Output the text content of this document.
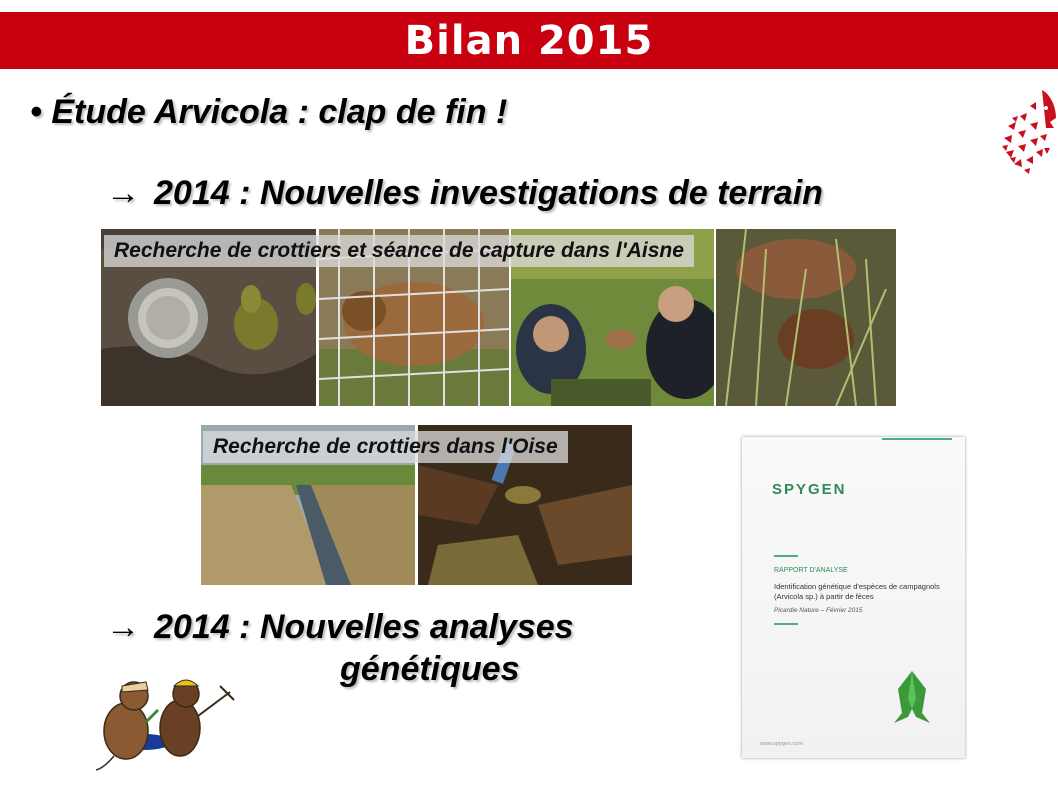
Bilan 2015
• Étude Arvicola : clap de fin !
→ 2014 : Nouvelles investigations de terrain
Recherche de crottiers et séance de capture dans l'Aisne
Recherche de crottiers dans l'Oise
SPYGEN
RAPPORT D'ANALYSE
Identification génétique d'espèces de campagnols (Arvicola sp.) à partir de fèces
Picardie Nature – Février 2015
www.spygen.com
→ 2014 : Nouvelles analyses
génétiques
